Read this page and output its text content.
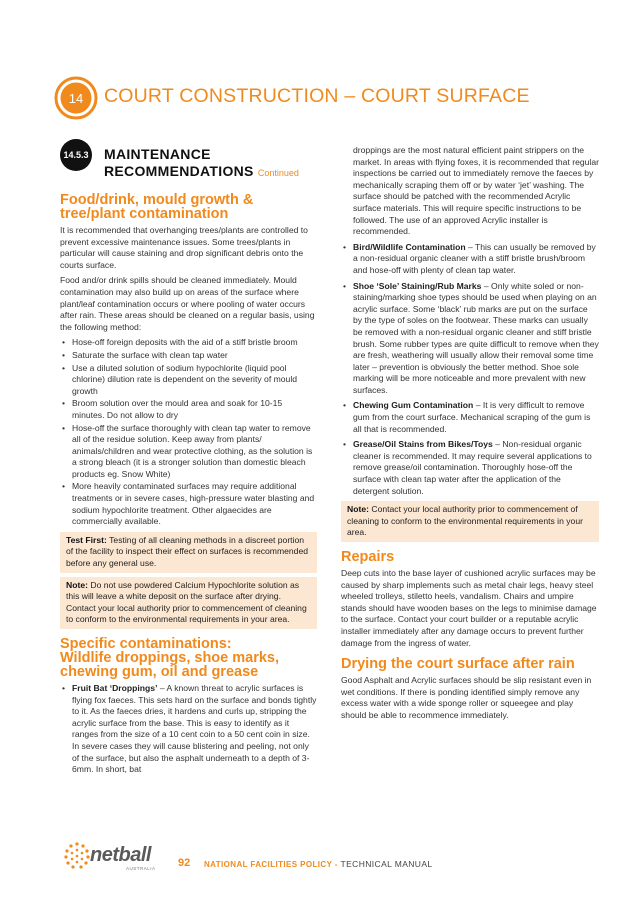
14 COURT CONSTRUCTION – COURT SURFACE
14.5.3 MAINTENANCE
RECOMMENDATIONS Continued
Food/drink, mould growth &
tree/plant contamination

It is recommended that overhanging trees/plants are controlled to prevent excessive maintenance issues. Some trees/plants in particular will cause staining and drop significant debris onto the courts surface.

Food and/or drink spills should be cleaned immediately. Mould contamination may also build up on areas of the surface where plant/leaf contamination occurs or where pooling of water occurs after rain. These areas should be cleaned on a regular basis, using the following method:

• Hose-off foreign deposits with the aid of a stiff bristle broom
• Saturate the surface with clean tap water
• Use a diluted solution of sodium hypochlorite (liquid pool chlorine) dilution rate is dependent on the severity of mould growth
• Broom solution over the mould area and soak for 10-15 minutes. Do not allow to dry
• Hose-off the surface thoroughly with clean tap water to remove all of the residue solution. Keep away from plants/ animals/children and wear protective clothing, as the solution is a strong bleach (it is a stronger solution than domestic bleach products eg. Snow White)
• More heavily contaminated surfaces may require additional treatments or in severe cases, high-pressure water blasting and sodium hypochlorite treatment. Other algaecides are commercially available.
Test First: Testing of all cleaning methods in a discreet portion of the facility to inspect their effect on surfaces is recommended before any general use.
Note: Do not use powdered Calcium Hypochlorite solution as this will leave a white deposit on the surface after drying. Contact your local authority prior to commencement of cleaning to conform to the environmental requirements in your area.
Specific contaminations:
Wildlife droppings, shoe marks,
chewing gum, oil and grease
• Fruit Bat ‘Droppings’ – A known threat to acrylic surfaces is flying fox faeces. This sets hard on the surface and bonds tightly to it. As the faeces dries, it hardens and curls up, stripping the acrylic surface from the base. This is easy to identify as it ranges from the size of a 10 cent coin to a 50 cent coin in size. In severe cases they will cause blistering and peeling, not only of the surface, but also the asphalt underneath to a depth of 3-6mm. In short, bat

droppings are the most natural efficient paint strippers on the market. In areas with flying foxes, it is recommended that regular inspections be carried out to immediately remove the faeces by mechanically scraping them off or by water ‘jet’ washing. The surface should be patched with the recommended Acrylic surface materials. This will require specific instructions to be followed. The use of an approved Acrylic installer is recommended.

• Bird/Wildlife Contamination – This can usually be removed by a non-residual organic cleaner with a stiff bristle brush/broom and hose-off with plenty of clean tap water.
• Shoe ‘Sole’ Staining/Rub Marks – Only white soled or non-staining/marking shoe types should be used when playing on an acrylic surface. Some ‘black’ rub marks are put on the surface by the type of soles on the footwear. These marks can usually be removed with a non-residual organic cleaner and stiff bristle brush. Some rubber types are quite difficult to remove when they are fresh, weathering will usually allow their removal some time later – prevention is obviously the better method. Shoe sole marking will be more noticeable and more prevalent with new surfaces.
• Chewing Gum Contamination – It is very difficult to remove gum from the court surface. Mechanical scraping of the gum is all that is recommended.
• Grease/Oil Stains from Bikes/Toys – Non-residual organic cleaner is recommended. It may require several applications to remove grease/oil contamination. Thoroughly hose-off the surface with clean tap water after the application of the detergent solution.
Note: Contact your local authority prior to commencement of cleaning to conform to the environmental requirements in your area.
Repairs

Deep cuts into the base layer of cushioned acrylic surfaces may be caused by sharp implements such as metal chair legs, heavy steel wheeled trolleys, stiletto heels, vandalism. Chairs and umpire stands should have wooden bases on the legs to minimise damage to the surface. Contact your court builder or a reputable acrylic installer immediately after any damage occurs to prevent further damage from the ingress of water.

Drying the court surface after rain

Good Asphalt and Acrylic surfaces should be slip resistant even in wet conditions. If there is ponding identified simply remove any excess water with a wide sponge roller or squeegee and play should be able to recommence immediately.

netball
AUSTRALIA 92 NATIONAL FACILITIES POLICY - TECHNICAL MANUAL
